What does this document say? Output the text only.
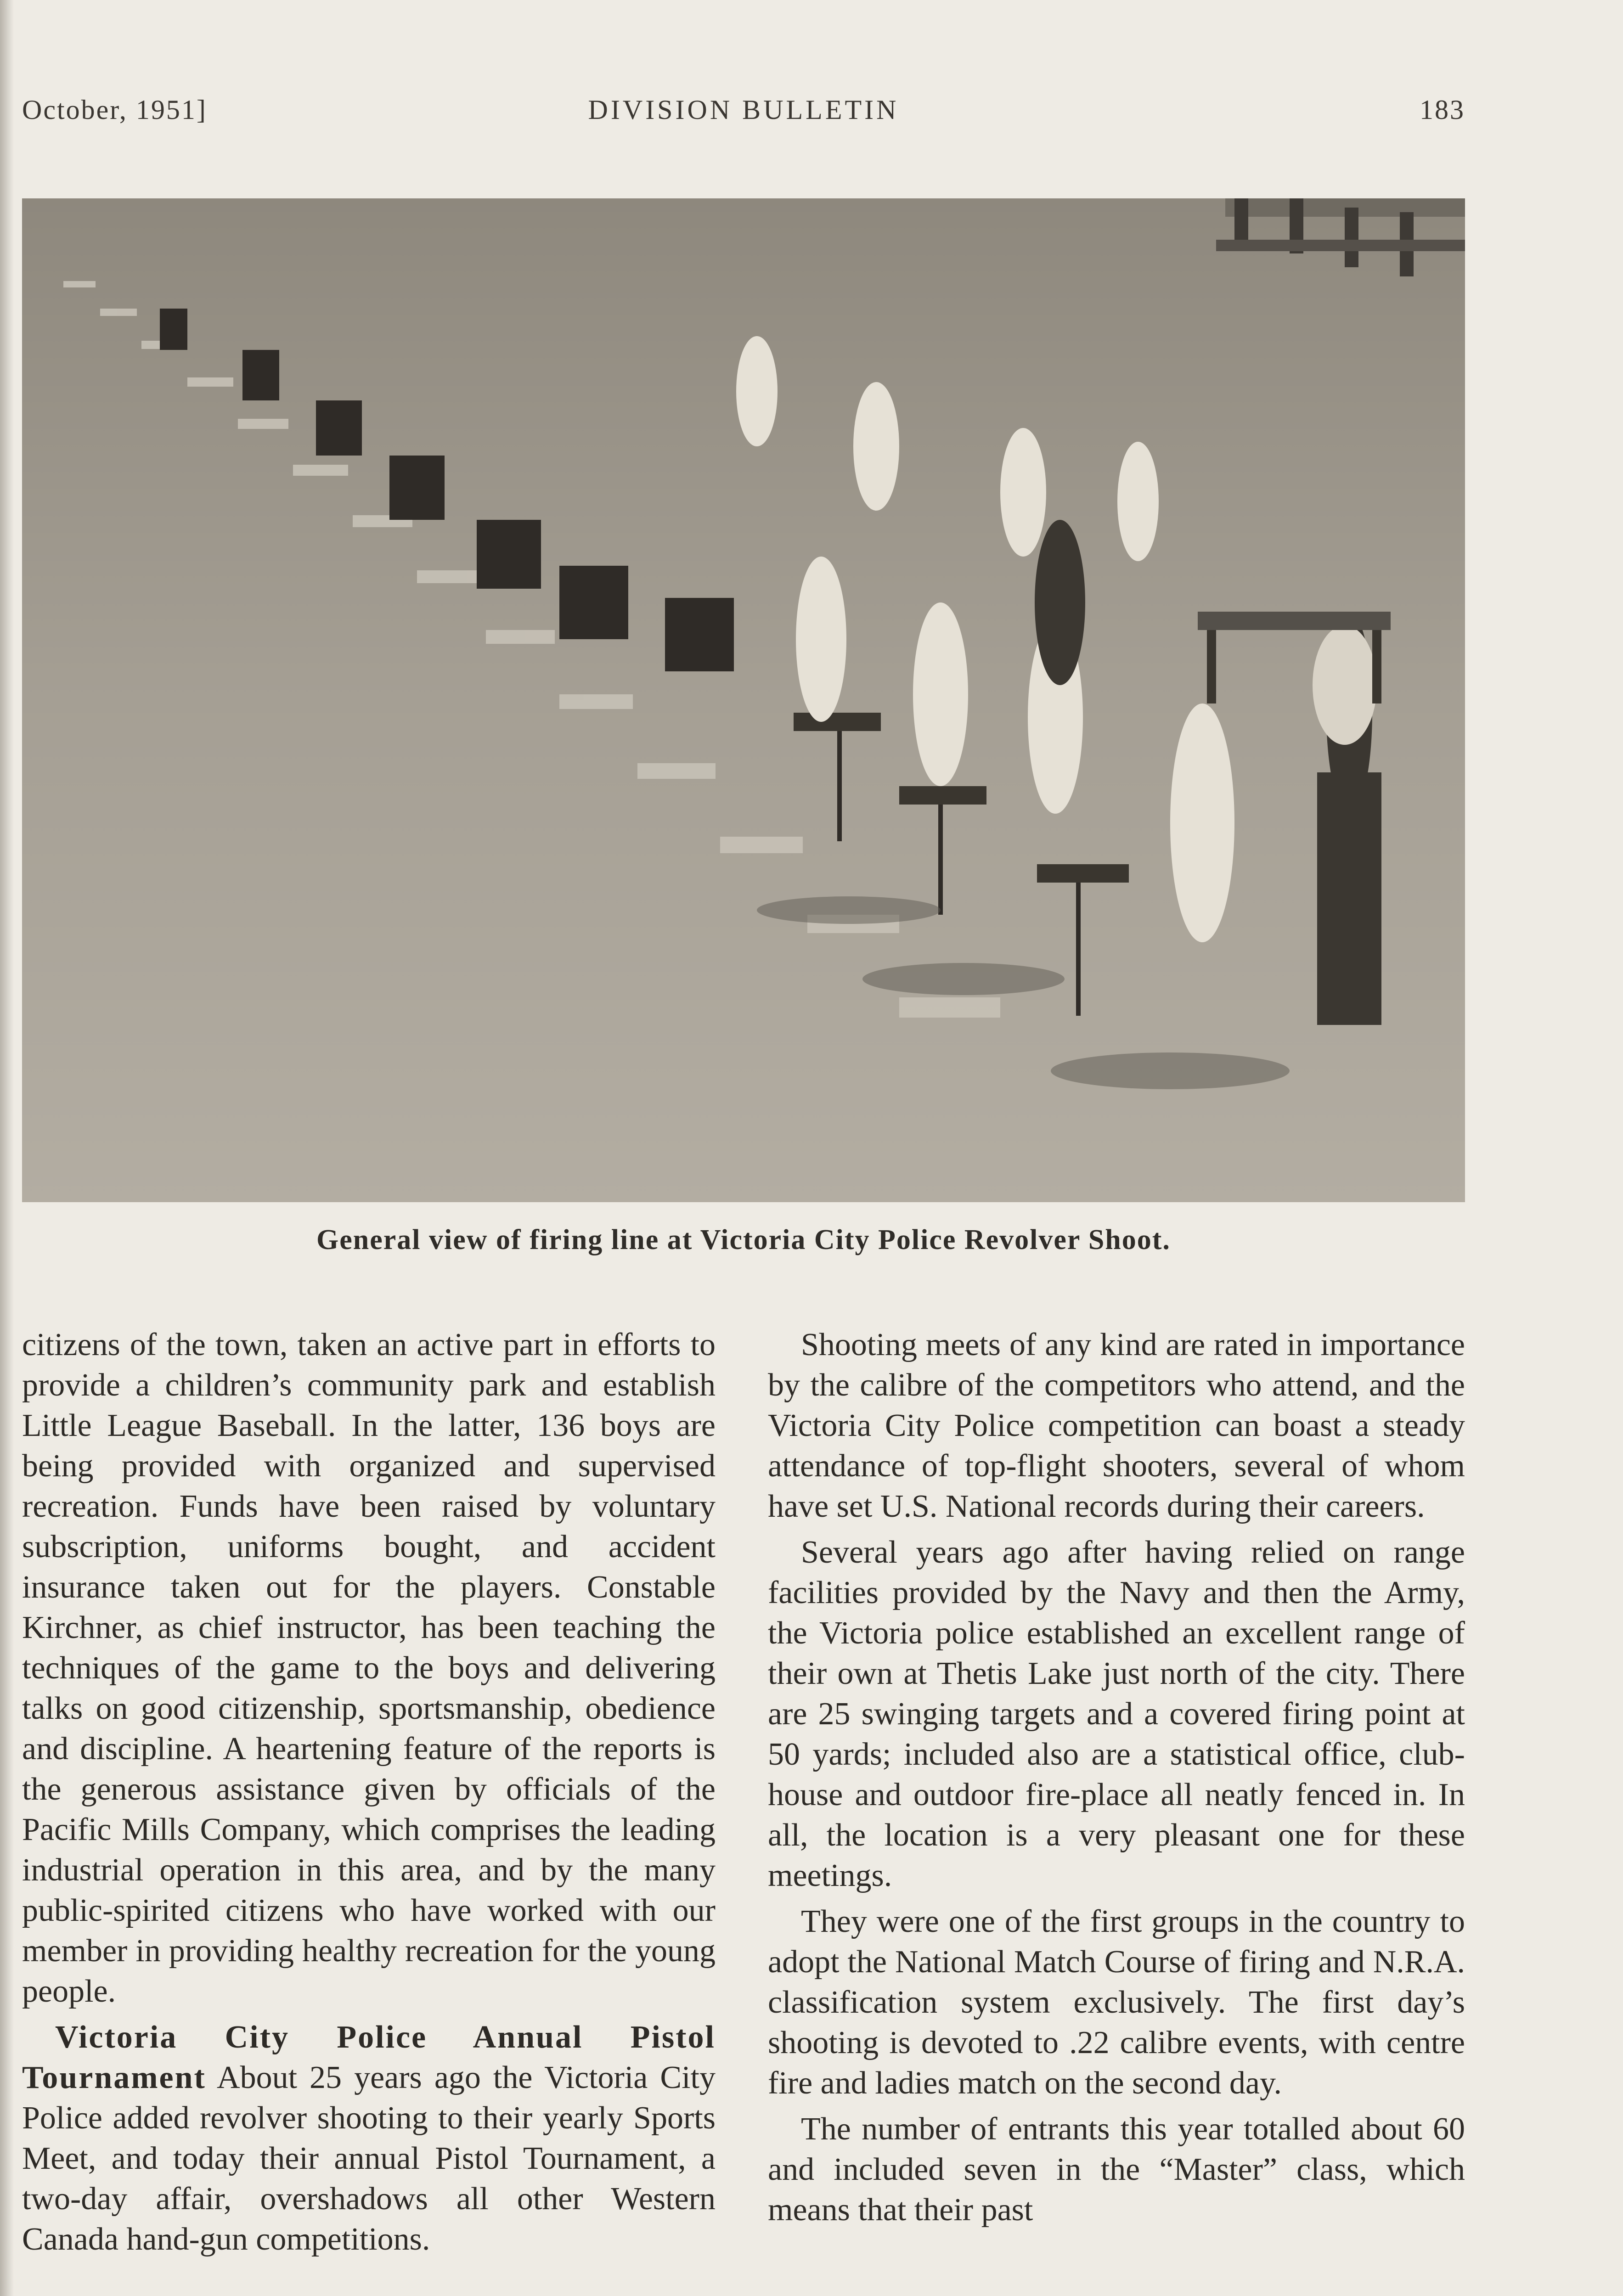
October, 1951]	DIVISION BULLETIN	183
General view of firing line at Victoria City Police Revolver Shoot.

citizens of the town, taken an active part in efforts to provide a children’s community park and establish Little League Baseball. In the latter, 136 boys are being provided with organized and supervised recreation. Funds have been raised by voluntary subscription, uniforms bought, and accident insurance taken out for the players. Constable Kirchner, as chief instructor, has been teaching the techniques of the game to the boys and delivering talks on good citizenship, sportsmanship, obedience and discipline. A heartening feature of the reports is the generous assistance given by officials of the Pacific Mills Company, which comprises the leading industrial operation in this area, and by the many public-spirited citizens who have worked with our member in providing healthy recreation for the young people.

Victoria City Police Annual Pistol Tournament About 25 years ago the Victoria City Police added revolver shooting to their yearly Sports Meet, and today their annual Pistol Tournament, a two-day affair, overshadows all other Western Canada hand-gun competitions.

Shooting meets of any kind are rated in importance by the calibre of the competitors who attend, and the Victoria City Police competition can boast a steady attendance of top-flight shooters, several of whom have set U.S. National records during their careers.

Several years ago after having relied on range facilities provided by the Navy and then the Army, the Victoria police established an excellent range of their own at Thetis Lake just north of the city. There are 25 swinging targets and a covered firing point at 50 yards; included also are a statistical office, club-house and outdoor fire-place all neatly fenced in. In all, the location is a very pleasant one for these meetings.

They were one of the first groups in the country to adopt the National Match Course of firing and N.R.A. classification system exclusively. The first day’s shooting is devoted to .22 calibre events, with centre fire and ladies match on the second day.

The number of entrants this year totalled about 60 and included seven in the “Master” class, which means that their past
